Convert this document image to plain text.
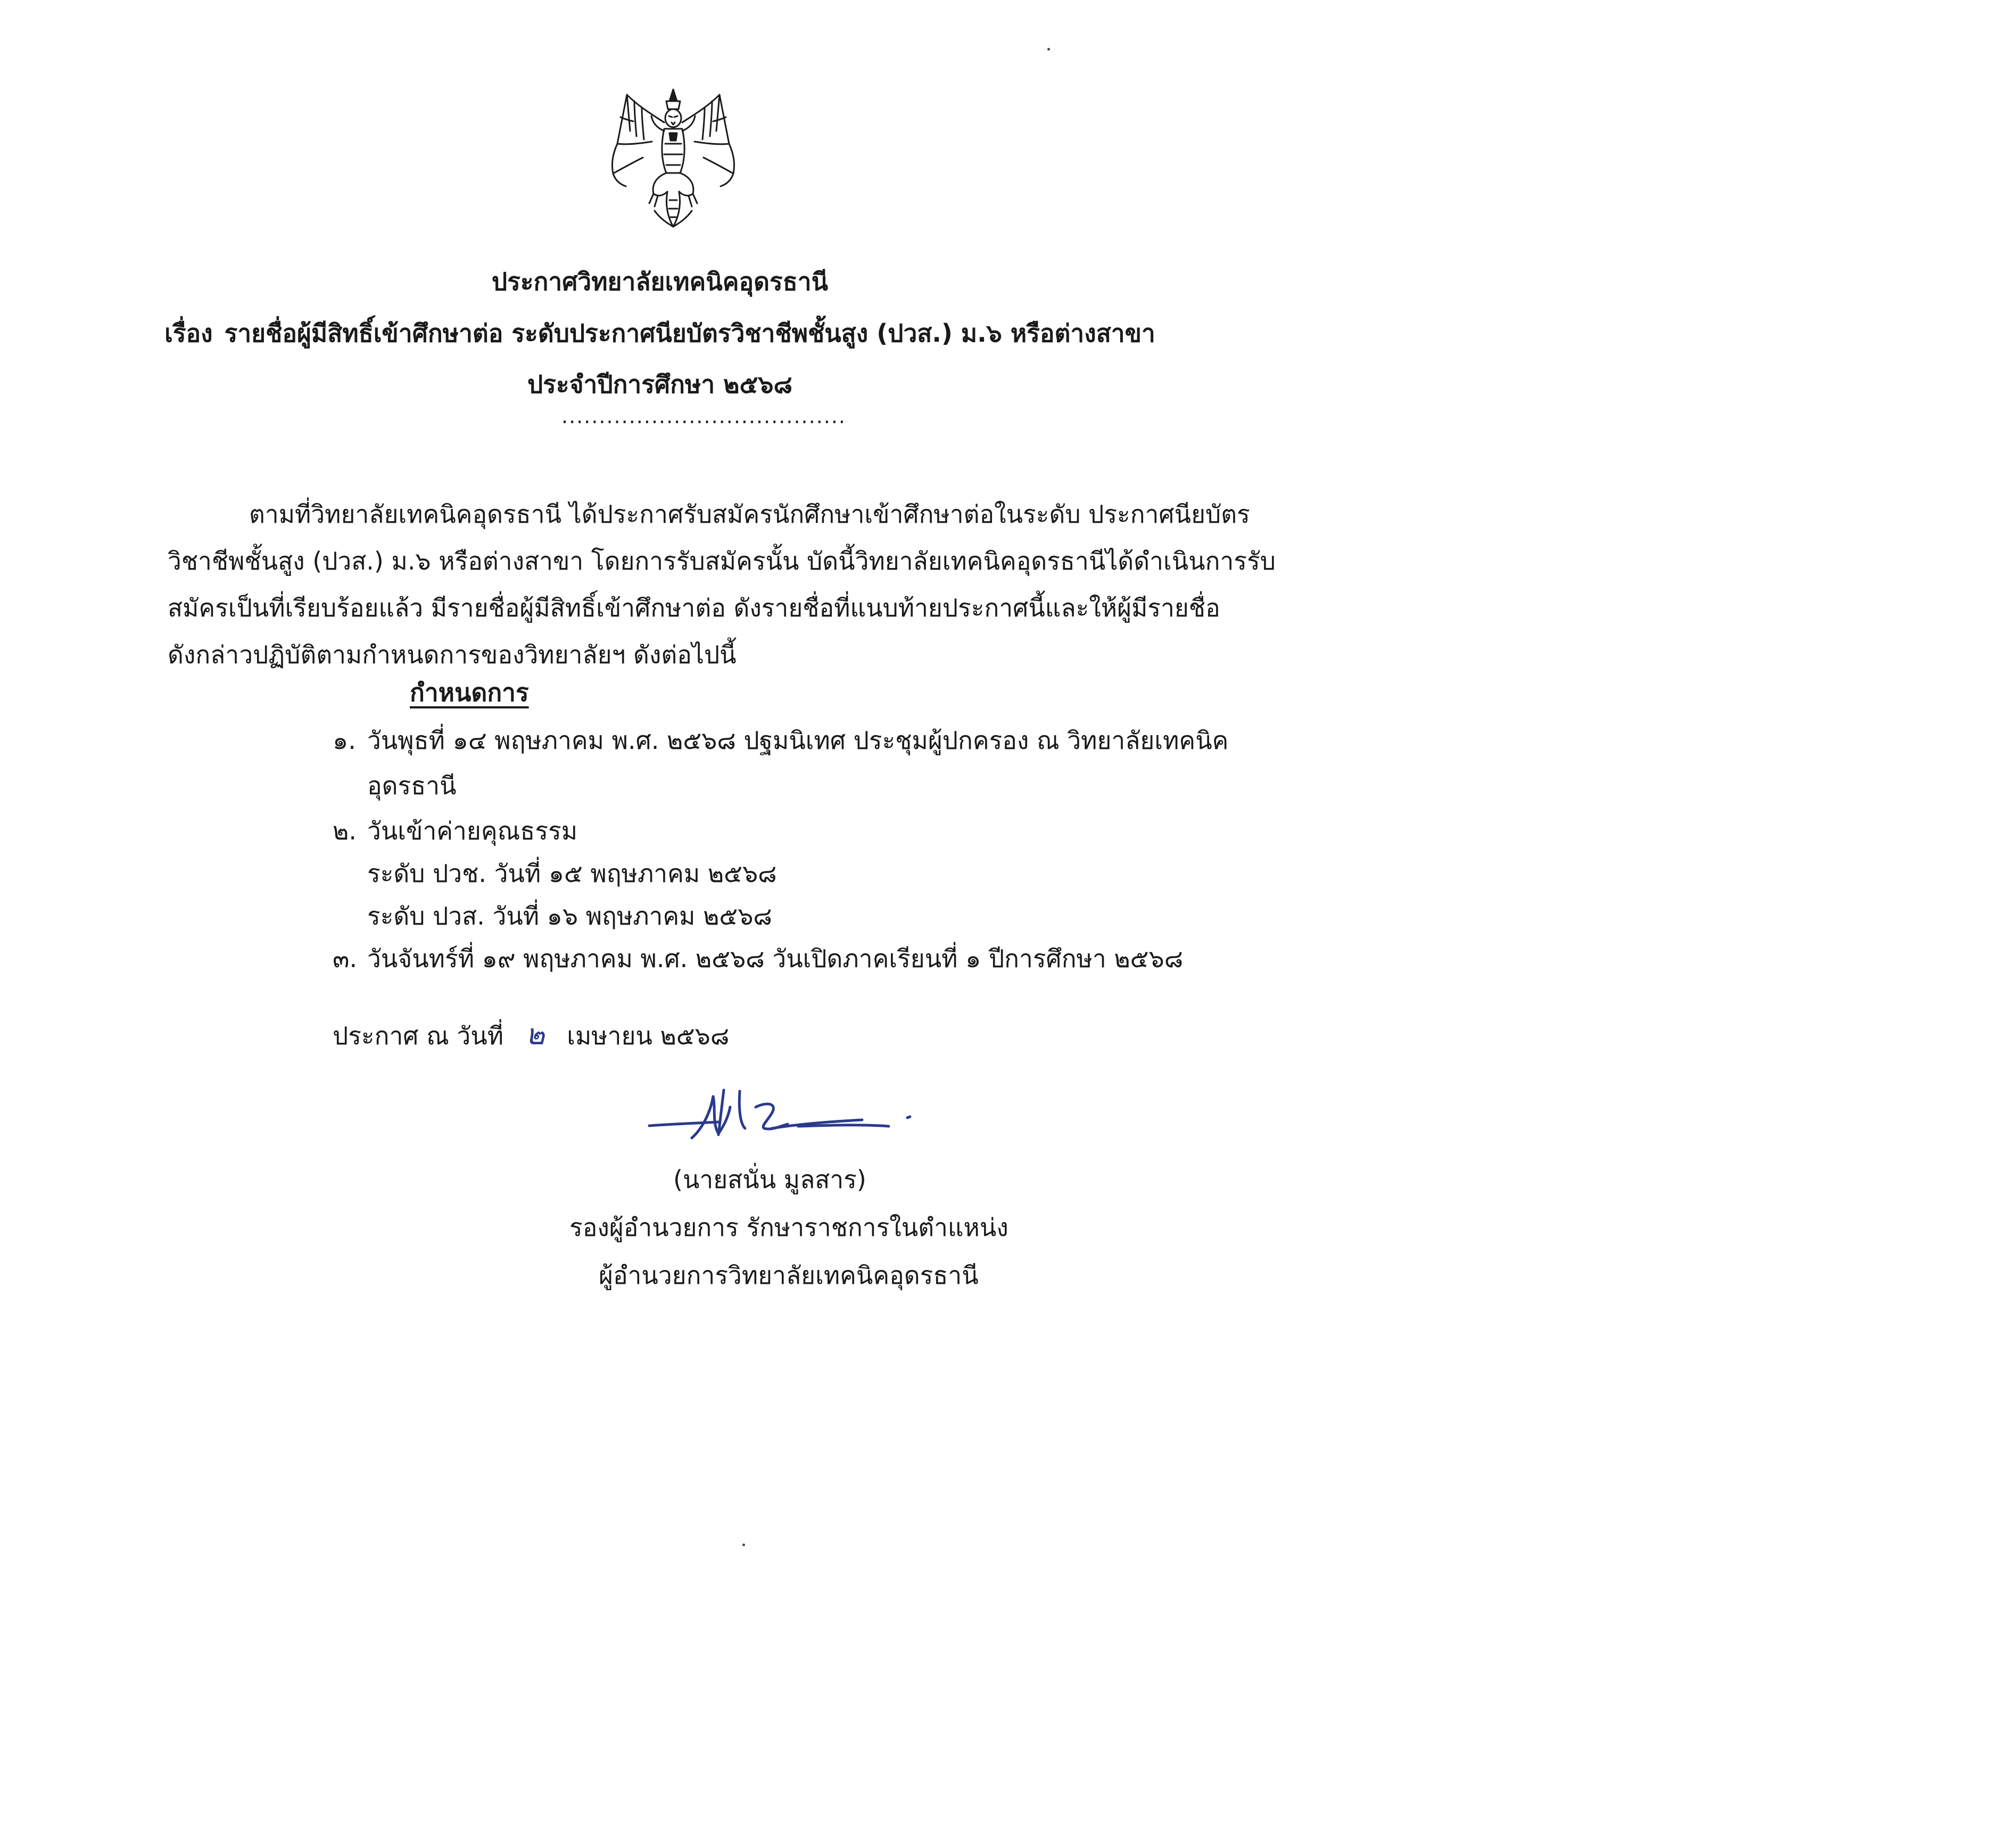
ประกาศวิทยาลัยเทคนิคอุดรธานี
เรื่อง รายชื่อผู้มีสิทธิ์เข้าศึกษาต่อ ระดับประกาศนียบัตรวิชาชีพชั้นสูง (ปวส.) ม.๖ หรือต่างสาขา
ประจำปีการศึกษา ๒๕๖๘
......................................
ตามที่วิทยาลัยเทคนิคอุดรธานี ได้ประกาศรับสมัครนักศึกษาเข้าศึกษาต่อในระดับ ประกาศนียบัตร
วิชาชีพชั้นสูง (ปวส.) ม.๖ หรือต่างสาขา โดยการรับสมัครนั้น บัดนี้วิทยาลัยเทคนิคอุดรธานีได้ดำเนินการรับ
สมัครเป็นที่เรียบร้อยแล้ว มีรายชื่อผู้มีสิทธิ์เข้าศึกษาต่อ ดังรายชื่อที่แนบท้ายประกาศนี้และให้ผู้มีรายชื่อ
ดังกล่าวปฏิบัติตามกำหนดการของวิทยาลัยฯ ดังต่อไปนี้
กำหนดการ
๑. วันพุธที่ ๑๔ พฤษภาคม พ.ศ. ๒๕๖๘ ปฐมนิเทศ ประชุมผู้ปกครอง ณ วิทยาลัยเทคนิค
อุดรธานี
๒. วันเข้าค่ายคุณธรรม
ระดับ ปวช. วันที่ ๑๕ พฤษภาคม ๒๕๖๘
ระดับ ปวส. วันที่ ๑๖ พฤษภาคม ๒๕๖๘
๓. วันจันทร์ที่ ๑๙ พฤษภาคม พ.ศ. ๒๕๖๘ วันเปิดภาคเรียนที่ ๑ ปีการศึกษา ๒๕๖๘
ประกาศ ณ วันที่ ๒ เมษายน ๒๕๖๘
(นายสนั่น มูลสาร)
รองผู้อำนวยการ รักษาราชการในตำแหน่ง
ผู้อำนวยการวิทยาลัยเทคนิคอุดรธานี
